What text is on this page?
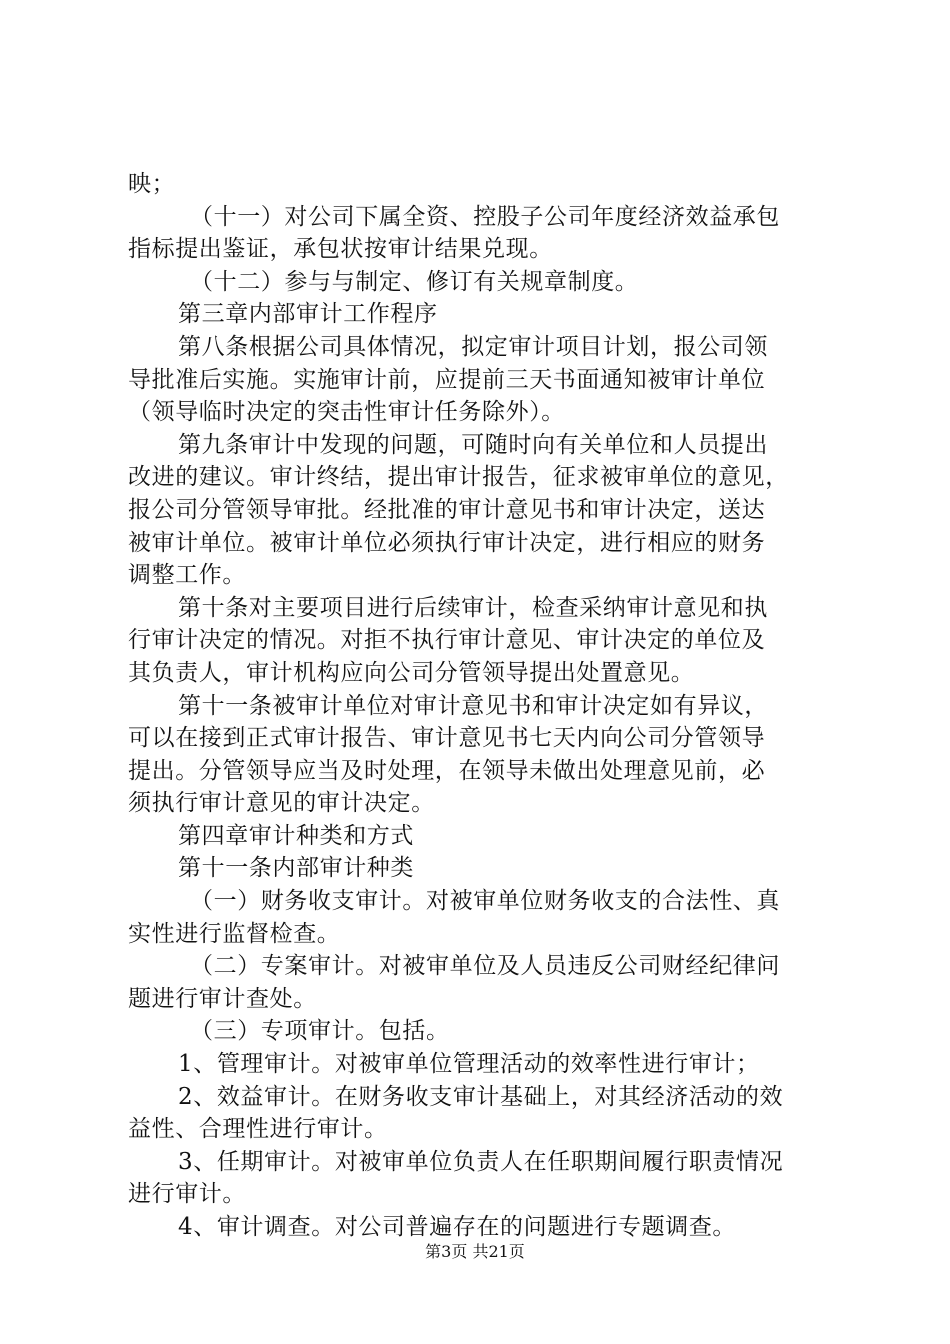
映；
（十一）对公司下属全资、控股子公司年度经济效益承包
指标提出鉴证，承包状按审计结果兑现。
（十二）参与与制定、修订有关规章制度。
第三章内部审计工作程序
第八条根据公司具体情况，拟定审计项目计划，报公司领
导批准后实施。实施审计前，应提前三天书面通知被审计单位
（领导临时决定的突击性审计任务除外）。
第九条审计中发现的问题，可随时向有关单位和人员提出
改进的建议。审计终结，提出审计报告，征求被审单位的意见，
报公司分管领导审批。经批准的审计意见书和审计决定，送达
被审计单位。被审计单位必须执行审计决定，进行相应的财务
调整工作。
第十条对主要项目进行后续审计，检查采纳审计意见和执
行审计决定的情况。对拒不执行审计意见、审计决定的单位及
其负责人，审计机构应向公司分管领导提出处置意见。
第十一条被审计单位对审计意见书和审计决定如有异议，
可以在接到正式审计报告、审计意见书七天内向公司分管领导
提出。分管领导应当及时处理，在领导未做出处理意见前，必
须执行审计意见的审计决定。
第四章审计种类和方式
第十一条内部审计种类
（一）财务收支审计。对被审单位财务收支的合法性、真
实性进行监督检查。
（二）专案审计。对被审单位及人员违反公司财经纪律问
题进行审计查处。
（三）专项审计。包括。
1、管理审计。对被审单位管理活动的效率性进行审计；
2、效益审计。在财务收支审计基础上，对其经济活动的效
益性、合理性进行审计。
3、任期审计。对被审单位负责人在任职期间履行职责情况
进行审计。
4、审计调查。对公司普遍存在的问题进行专题调查。
第3页 共21页
